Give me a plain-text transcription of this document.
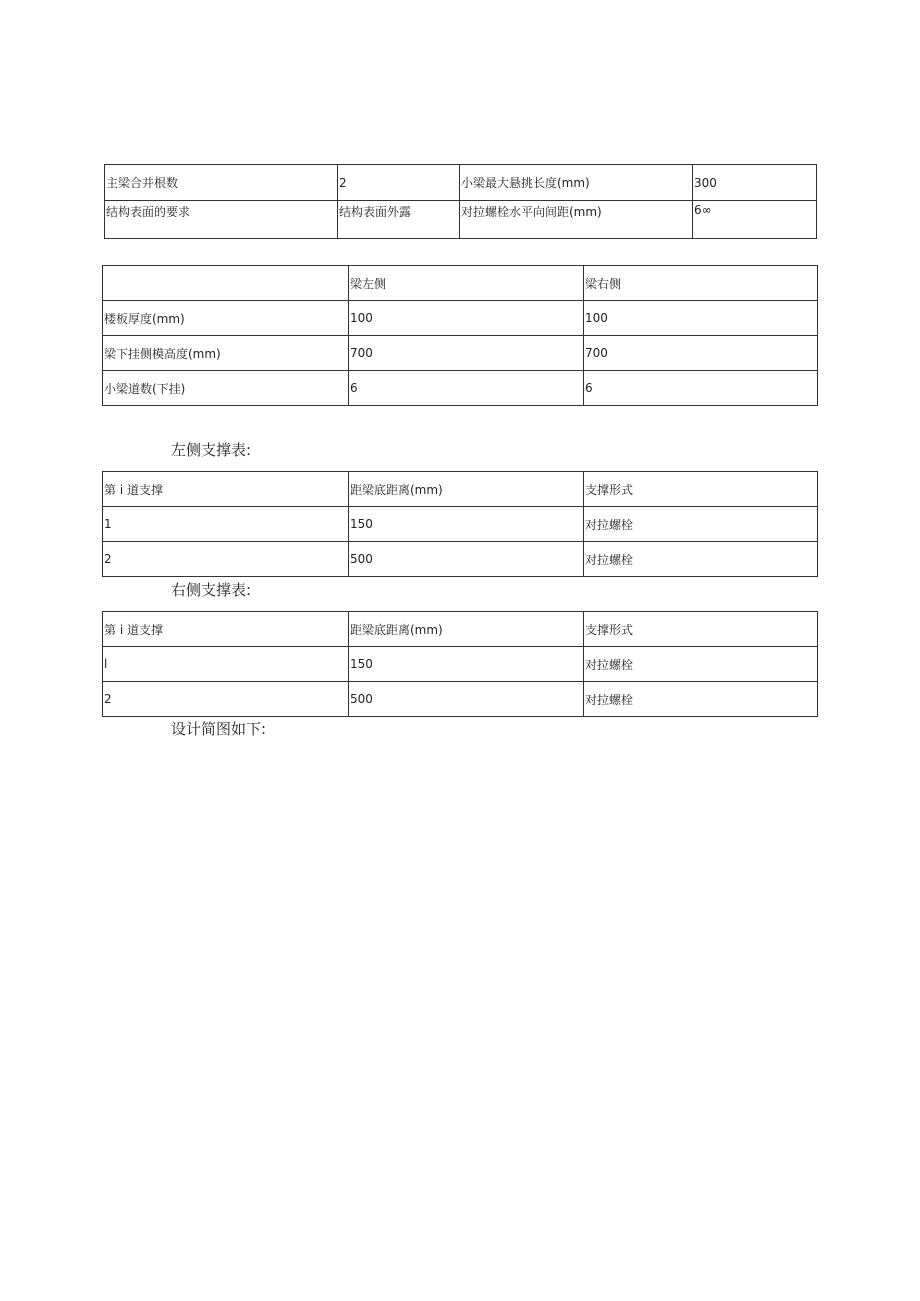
主梁合并根数	2	小梁最大悬挑长度(mm)	300
结构表面的要求	结构表面外露	对拉螺栓水平向间距(mm)	6∞
	梁左侧	梁右侧
楼板厚度(mm)	100	100
梁下挂侧模高度(mm)	700	700
小梁道数(下挂)	6	6
左侧支撑表:
第 i 道支撑	距梁底距离(mm)	支撑形式
1	150	对拉螺栓
2	500	对拉螺栓
右侧支撑表:
第 i 道支撑	距梁底距离(mm)	支撑形式
l	150	对拉螺栓
2	500	对拉螺栓
设计简图如下:
